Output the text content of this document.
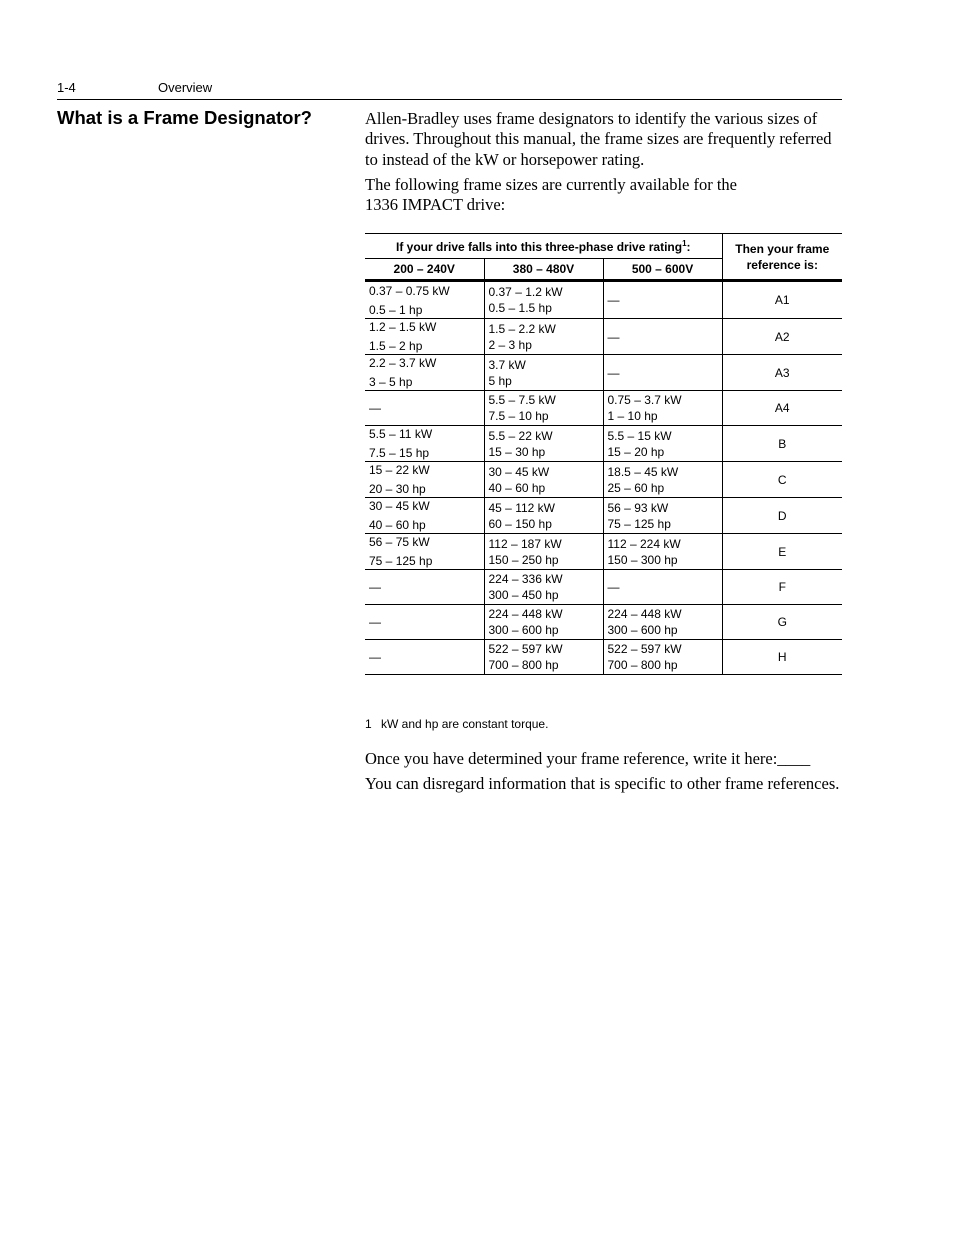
1-4	Overview
What is a Frame Designator?	Allen-Bradley uses frame designators to identify the various sizes of drives. Throughout this manual, the frame sizes are frequently referred to instead of the kW or horsepower rating.

The following frame sizes are currently available for the
1336 IMPACT drive:

If your drive falls into this three-phase drive rating$^1$:			Then your frame
reference is:
200 – 240V	380 – 480V	500 – 600V	

0.37 – 0.75 kW
0.5 – 1 hp	0.37 – 1.2 kW
0.5 – 1.5 hp	—	A1

1.2 – 1.5 kW
1.5 – 2 hp	1.5 – 2.2 kW
2 – 3 hp	—	A2

2.2 – 3.7 kW
3 – 5 hp	3.7 kW
5 hp	—	A3

—	5.5 – 7.5 kW
7.5 – 10 hp	0.75 – 3.7 kW
1 – 10 hp	A4

5.5 – 11 kW
7.5 – 15 hp	5.5 – 22 kW
15 – 30 hp	5.5 – 15 kW
15 – 20 hp	B

15 – 22 kW
20 – 30 hp	30 – 45 kW
40 – 60 hp	18.5 – 45 kW
25 – 60 hp	C

30 – 45 kW
40 – 60 hp	45 – 112 kW
60 – 150 hp	56 – 93 kW
75 – 125 hp	D

56 – 75 kW
75 – 125 hp	112 – 187 kW
150 – 250 hp	112 – 224 kW
150 – 300 hp	E

—	224 – 336 kW
300 – 450 hp	—	F

—	224 – 448 kW
300 – 600 hp	224 – 448 kW
300 – 600 hp	G

—	522 – 597 kW
700 – 800 hp	522 – 597 kW
700 – 800 hp	H
1 kW and hp are constant torque.

Once you have determined your frame reference, write it here:____

You can disregard information that is specific to other frame references.
